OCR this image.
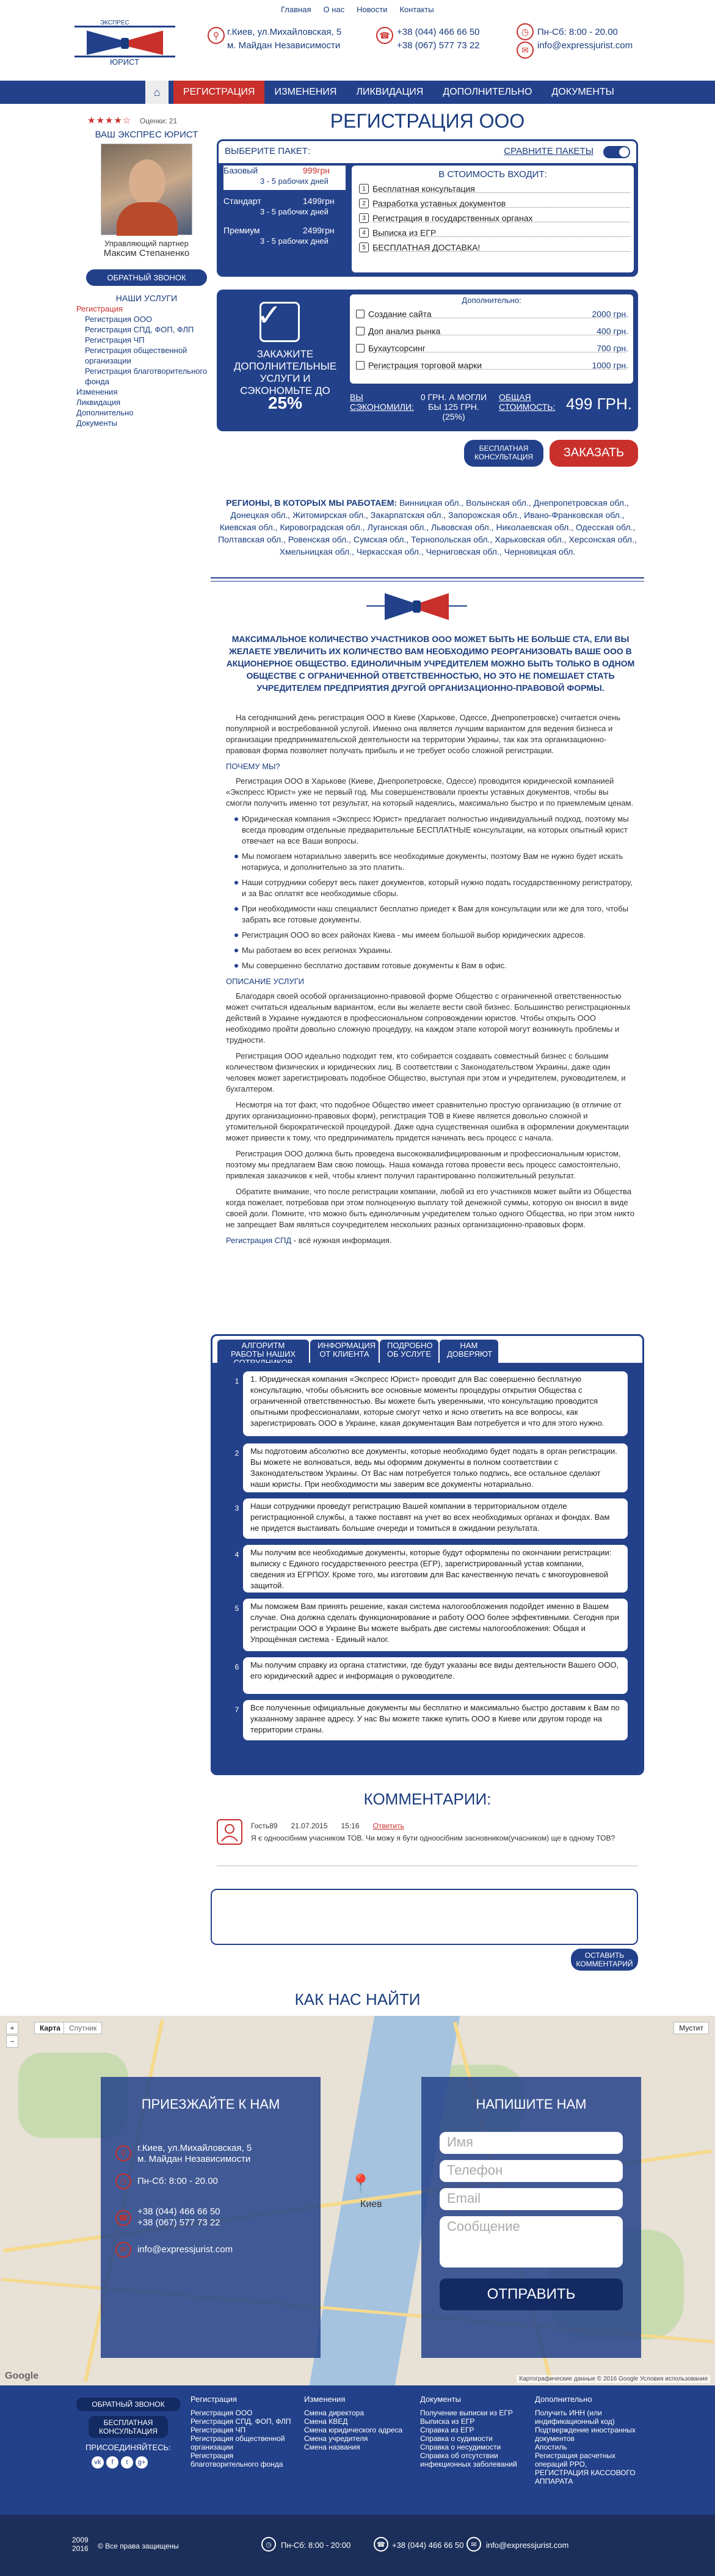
Главная О нас Новости Контакты
ЭКСПРЕС
ЮРИСТ
⚲ г.Киев, ул.Михайловская, 5
м. Майдан Независимости
☎ +38 (044) 466 66 50
+38 (067) 577 73 22
◷ Пн-Сб: 8:00 - 20.00
info@expressjurist.com
✉
⌂	РЕГИСТРАЦИЯ	ИЗМЕНЕНИЯ	ЛИКВИДАЦИЯ	ДОПОЛНИТЕЛЬНО	ДОКУМЕНТЫ
★★★★☆ Оценки: 21
ВАШ ЭКСПРЕС ЮРИСТ
Управляющий партнер
Максим Степаненко
ОБРАТНЫЙ ЗВОНОК
НАШИ УСЛУГИ
Регистрация
Регистрация ООО
Регистрация СПД, ФОП, ФЛП
Регистрация ЧП
Регистрация общественной организации
Регистрация благотворительного фонда
Изменения
Ликвидация
Дополнительно
Документы
РЕГИСТРАЦИЯ ООО
ВЫБЕРИТЕ ПАКЕТ:	СРАВНИТЕ ПАКЕТЫ
Базовый	999грн
3 - 5 рабочих дней
Стандарт	1499грн
3 - 5 рабочих дней
Премиум	2499грн
3 - 5 рабочих дней
В СТОИМОСТЬ ВХОДИТ:
1 Бесплатная консультация
2 Разработка уставных документов
3 Регистрация в государственных органах
4 Выписка из ЕГР
5 БЕСПЛАТНАЯ ДОСТАВКА!
✓
ЗАКАЖИТЕ ДОПОЛНИТЕЛЬНЫЕ УСЛУГИ И СЭКОНОМЬТЕ ДО 25%
Дополнительно:
Создание сайта	2000 грн.
Доп анализ рынка	400 грн.
Бухаутсорсинг	700 грн.
Регистрация торговой марки	1000 грн.
ВЫ СЭКОНОМИЛИ:
0 ГРН. А МОГЛИ БЫ 125 ГРН.(25%)
ОБЩАЯ СТОИМОСТЬ: 499 ГРН.
БЕСПЛАТНАЯ КОНСУЛЬТАЦИЯ	ЗАКАЗАТЬ
РЕГИОНЫ, В КОТОРЫХ МЫ РАБОТАЕМ: Винницкая обл., Волынская обл., Днепропетровская обл., Донецкая обл., Житомирская обл., Закарпатская обл., Запорожская обл., Ивано-Франковская обл., Киевская обл., Кировоградская обл., Луганская обл., Львовская обл., Николаевская обл., Одесская обл., Полтавская обл., Ровенская обл., Сумская обл., Тернопольская обл., Харьковская обл., Херсонская обл., Хмельницкая обл., Черкасская обл., Черниговская обл., Черновицкая обл.
МАКСИМАЛЬНОЕ КОЛИЧЕСТВО УЧАСТНИКОВ ООО МОЖЕТ БЫТЬ НЕ БОЛЬШЕ СТА, ЕЛИ ВЫ ЖЕЛАЕТЕ УВЕЛИЧИТЬ ИХ КОЛИЧЕСТВО ВАМ НЕОБХОДИМО РЕОРГАНИЗОВАТЬ ВАШЕ ООО В АКЦИОНЕРНОЕ ОБЩЕСТВО. ЕДИНОЛИЧНЫМ УЧРЕДИТЕЛЕМ МОЖНО БЫТЬ ТОЛЬКО В ОДНОМ ОБЩЕСТВЕ С ОГРАНИЧЕННОЙ ОТВЕТСТВЕННОСТЬЮ, НО ЭТО НЕ ПОМЕШАЕТ СТАТЬ УЧРЕДИТЕЛЕМ ПРЕДПРИЯТИЯ ДРУГОЙ ОРГАНИЗАЦИОННО-ПРАВОВОЙ ФОРМЫ.

На сегодняшний день регистрация ООО в Киеве (Харькове, Одессе, Днепропетровске) считается очень популярной и востребованной услугой. Именно она является лучшим вариантом для ведения бизнеса и организации предпринимательской деятельности на территории Украины, так как эта организационно-правовая форма позволяет получать прибыль и не требует особо сложной регистрации.

ПОЧЕМУ МЫ?

Регистрация ООО в Харькове (Киеве, Днепропетровске, Одессе) проводится юридической компанией «Экспресс Юрист» уже не первый год. Мы совершенствовали проекты уставных документов, чтобы вы смогли получить именно тот результат, на который надеялись, максимально быстро и по приемлемым ценам.

Юридическая компания «Экспресс Юрист» предлагает полностью индивидуальный подход, поэтому мы всегда проводим отдельные предварительные БЕСПЛАТНЫЕ консультации, на которых опытный юрист отвечает на все Ваши вопросы.
Мы помогаем нотариально заверить все необходимые документы, поэтому Вам не нужно будет искать нотариуса, и дополнительно за это платить.
Наши сотрудники соберут весь пакет документов, который нужно подать государственному регистратору, и за Вас оплатят все необходимые сборы.
При необходимости наш специалист бесплатно приедет к Вам для консультации или же для того, чтобы забрать все готовые документы.
Регистрация ООО во всех районах Киева - мы имеем большой выбор юридических адресов.
Мы работаем во всех регионах Украины.
Мы совершенно бесплатно доставим готовые документы к Вам в офис.

ОПИСАНИЕ УСЛУГИ

Благодаря своей особой организационно-правовой форме Общество с ограниченной ответственностью может считаться идеальным вариантом, если вы желаете вести свой бизнес. Большинство регистрационных действий в Украине нуждаются в профессиональном сопровождении юристов. Чтобы открыть ООО необходимо пройти довольно сложную процедуру, на каждом этапе которой могут возникнуть проблемы и трудности.

Регистрация ООО идеально подходит тем, кто собирается создавать совместный бизнес с большим количеством физических и юридических лиц. В соответствии с Законодательством Украины, даже один человек может зарегистрировать подобное Общество, выступая при этом и учредителем, руководителем, и бухгалтером.

Несмотря на тот факт, что подобное Общество имеет сравнительно простую организацию (в отличие от других организационно-правовых форм), регистрация ТОВ в Киеве является довольно сложной и утомительной бюрократической процедурой. Даже одна существенная ошибка в оформлении документации может привести к тому, что предприниматель придется начинать весь процесс с начала.

Регистрация ООО должна быть проведена высококвалифицированным и профессиональным юристом, поэтому мы предлагаем Вам свою помощь. Наша команда готова провести весь процесс самостоятельно, привлекая заказчиков к ней, чтобы клиент получил гарантированно положительный результат.

Обратите внимание, что после регистрации компании, любой из его участников может выйти из Общества когда пожелает, потребовав при этом полноценную выплату той денежной суммы, которую он вносил в виде своей доли. Помните, что можно быть единоличным учредителем только одного Общества, но при этом никто не запрещает Вам являться соучредителем нескольких разных организационно-правовых форм.

Регистрация СПД - всё нужная информация.

АЛГОРИТМ РАБОТЫ НАШИХ
ИНФОРМАЦИЯ ОТ КЛИЕНТА
ПОДРОБНО ОБ УСЛУГЕ
НАМ ДОВЕРЯЮТ
1	1. Юридическая компания «Экспресс Юрист» проводит для Вас совершенно бесплатную консультацию, чтобы объяснить все основные моменты процедуры открытия Общества с ограниченной ответственностью. Вы можете быть уверенными, что консультацию проводится опытными профессионалами, которые смогут четко и ясно ответить на все вопросы, как зарегистрировать ООО в Украине, какая документация Вам потребуется и что для этого нужно.
2	Мы подготовим абсолютно все документы, которые необходимо будет подать в орган регистрации. Вы можете не волноваться, ведь мы оформим документы в полном соответствии с Законодательством Украины. От Вас нам потребуется только подпись, все остальное сделают наши юристы. При необходимости мы заверим все документы нотариально.
3	Наши сотрудники проведут регистрацию Вашей компании в территориальном отделе регистрационной службы, а также поставят на учет во всех необходимых органах и фондах. Вам не придется выстаивать большие очереди и томиться в ожидании результата.
4	Мы получим все необходимые документы, которые будут оформлены по окончании регистрации: выписку с Единого государственного реестра (ЕГР), зарегистрированный устав компании, сведения из ЕГРПОУ. Кроме того, мы изготовим для Вас качественную печать с многоуровневой защитой.
5	Мы поможем Вам принять решение, какая система налогообложения подойдет именно в Вашем случае. Она должна сделать функционирование и работу ООО более эффективными. Сегодня при регистрации ООО в Украине Вы можете выбрать две системы налогообложения: Общая и Упрощённая система - Единый налог.
6	Мы получим справку из органа статистики, где будут указаны все виды деятельности Вашего ООО, его юридический адрес и информация о руководителе.
7	Все полученные официальные документы мы бесплатно и максимально быстро доставим к Вам по указанному заранее адресу. У нас Вы можете также купить ООО в Киеве или другом городе на территории страны.
КОММЕНТАРИИ:
Гость89 21.07.2015 15:16 Ответить
Я є одноосібним учасником ТОВ. Чи можу я бути одноосібним засновником(учасником) ще в одному ТОВ?
ОСТАВИТЬ КОММЕНТАРИЙ
КАК НАС НАЙТИ
+
−
Карта	Спутник	Мустит
📍
Киев
Google	Картографические данные © 2016 Google Условия использования
ПРИЕЗЖАЙТЕ К НАМ
⚲	г.Киев, ул.Михайловская, 5
м. Майдан Независимости
◷	Пн-Сб: 8:00 - 20.00
☎
+38 (044) 466 66 50
+38 (067) 577 73 22
✉	info@expressjurist.com
НАПИШИТЕ НАМ
Имя
Телефон
Email
Сообщение
ОТПРАВИТЬ
ОБРАТНЫЙ ЗВОНОК
БЕСПЛАТНАЯ КОНСУЛЬТАЦИЯ
ПРИСОЕДИНЯЙТЕСЬ:
vk f t g+
Регистрация
Регистрация ООО
Регистрация СПД, ФОП, ФЛП
Регистрация ЧП
Регистрация общественной организации
Регистрация благотворительного фонда
Изменения
Смена директора
Смена КВЕД
Смена юридического адреса
Смена учредителя
Смена названия
Документы
Получение выписки из ЕГР
Выписка из ЕГР
Справка из ЕГР
Справка о судимости
Справка о несудимости
Справка об отсутствии инфекционных заболеваний
Дополнительно
Получить ИНН (или индификационный код)
Подтверждение иностранных документов
Апостиль
Регистрация расчетных операций РРО, РЕГИСТРАЦИЯ КАССОВОГО АППАРАТА
2009 2016 © Все права защищены	◷	Пн-Сб: 8:00 - 20:00	☎ +38 (044) 466 66 50	✉	info@expressjurist.com
